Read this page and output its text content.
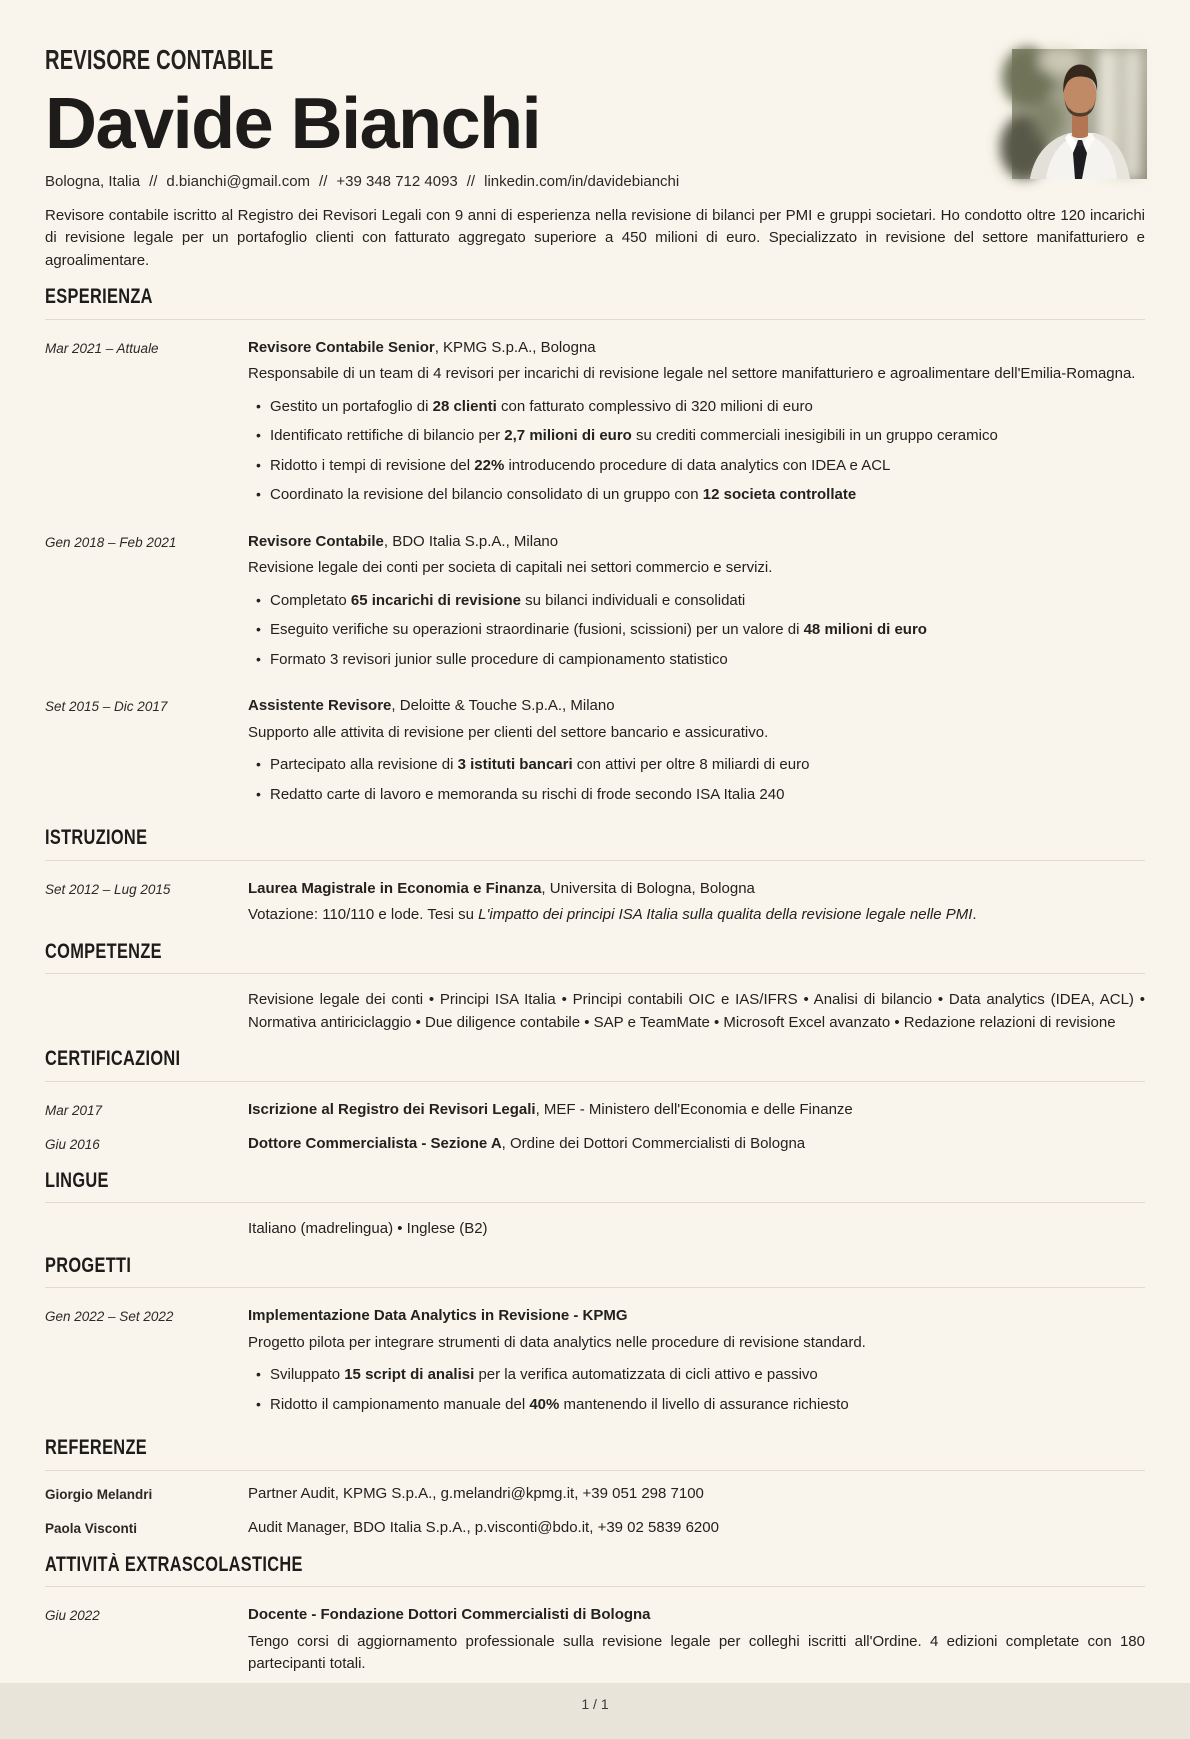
REVISORE CONTABILE
Davide Bianchi
Bologna, Italia // d.bianchi@gmail.com // +39 348 712 4093 // linkedin.com/in/davidebianchi

Revisore contabile iscritto al Registro dei Revisori Legali con 9 anni di esperienza nella revisione di bilanci per PMI e gruppi societari. Ho condotto oltre 120 incarichi di revisione legale per un portafoglio clienti con fatturato aggregato superiore a 450 milioni di euro. Specializzato in revisione del settore manifatturiero e agroalimentare.

ESPERIENZA
Mar 2021 – Attuale	Revisore Contabile Senior, KPMG S.p.A., Bologna

Responsabile di un team di 4 revisori per incarichi di revisione legale nel settore manifatturiero e agroalimentare dell'Emilia-Romagna.

• Gestito un portafoglio di 28 clienti con fatturato complessivo di 320 milioni di euro
• Identificato rettifiche di bilancio per 2,7 milioni di euro su crediti commerciali inesigibili in un gruppo ceramico
• Ridotto i tempi di revisione del 22% introducendo procedure di data analytics con IDEA e ACL
• Coordinato la revisione del bilancio consolidato di un gruppo con 12 societa controllate
Gen 2018 – Feb 2021	Revisore Contabile, BDO Italia S.p.A., Milano

Revisione legale dei conti per societa di capitali nei settori commercio e servizi.

• Completato 65 incarichi di revisione su bilanci individuali e consolidati
• Eseguito verifiche su operazioni straordinarie (fusioni, scissioni) per un valore di 48 milioni di euro
• Formato 3 revisori junior sulle procedure di campionamento statistico
Set 2015 – Dic 2017	Assistente Revisore, Deloitte & Touche S.p.A., Milano

Supporto alle attivita di revisione per clienti del settore bancario e assicurativo.

• Partecipato alla revisione di 3 istituti bancari con attivi per oltre 8 miliardi di euro
• Redatto carte di lavoro e memoranda su rischi di frode secondo ISA Italia 240
ISTRUZIONE
Set 2012 – Lug 2015	Laurea Magistrale in Economia e Finanza, Universita di Bologna, Bologna

Votazione: 110/110 e lode. Tesi su L'impatto dei principi ISA Italia sulla qualita della revisione legale nelle PMI.

COMPETENZE

Revisione legale dei conti • Principi ISA Italia • Principi contabili OIC e IAS/IFRS • Analisi di bilancio • Data analytics (IDEA, ACL) • Normativa antiriciclaggio • Due diligence contabile • SAP e TeamMate • Microsoft Excel avanzato • Redazione relazioni di revisione

CERTIFICAZIONI
Mar 2017	Iscrizione al Registro dei Revisori Legali, MEF - Ministero dell'Economia e delle Finanze
Giu 2016	Dottore Commercialista - Sezione A, Ordine dei Dottori Commercialisti di Bologna
LINGUE

Italiano (madrelingua) • Inglese (B2)

PROGETTI
Gen 2022 – Set 2022	Implementazione Data Analytics in Revisione - KPMG

Progetto pilota per integrare strumenti di data analytics nelle procedure di revisione standard.

• Sviluppato 15 script di analisi per la verifica automatizzata di cicli attivo e passivo
• Ridotto il campionamento manuale del 40% mantenendo il livello di assurance richiesto
REFERENZE
Giorgio Melandri	Partner Audit, KPMG S.p.A., g.melandri@kpmg.it, +39 051 298 7100
Paola Visconti	Audit Manager, BDO Italia S.p.A., p.visconti@bdo.it, +39 02 5839 6200
ATTIVITÀ EXTRASCOLASTICHE
Giu 2022	Docente - Fondazione Dottori Commercialisti di Bologna

Tengo corsi di aggiornamento professionale sulla revisione legale per colleghi iscritti all'Ordine. 4 edizioni completate con 180 partecipanti totali.

1 / 1
